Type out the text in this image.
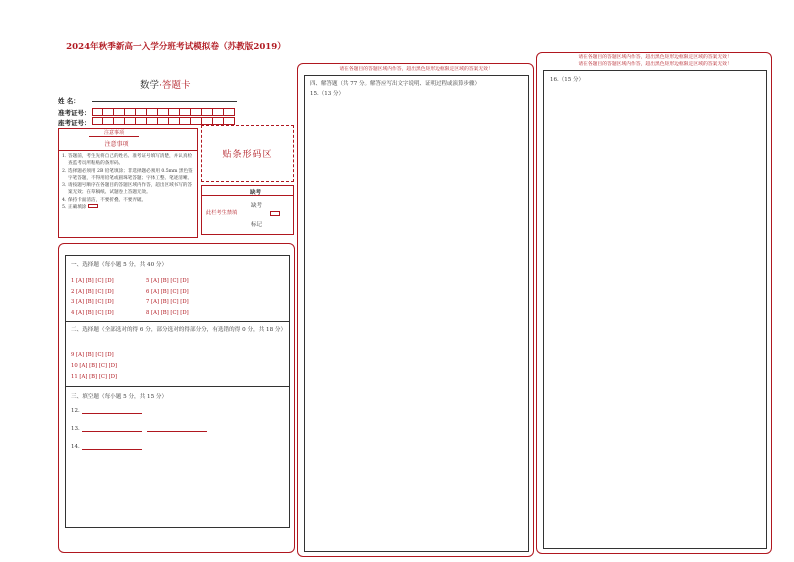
2024年秋季新高一入学分班考试模拟卷（苏教版2019）
数学·答题卡
姓 名：
准考证号：
座考证号：
注意事项
注意事项
1．
答题前，考生先将自己的姓名、准考证号填写清楚，并认真检查监考员所粘贴的条形码。
2．
选择题必须用 2B 铅笔填涂；非选择题必须用 0.5mm 黑色签字笔答题，不得用铅笔或圆珠笔答题；字体工整、笔迹清晰。
3．
请按题号顺序在各题目的答题区域内作答，超出区域书写的答案无效；在草稿纸、试题卷上答题无效。
4．
保持卡面清洁，不要折叠、不要弄破。
5．
正确填涂
贴条形码区
缺考
此栏考生禁填
缺考
标记
一、选择题（每小题 5 分，共 40 分）
1 [A] [B] [C] [D]
2 [A] [B] [C] [D]
3 [A] [B] [C] [D]
4 [A] [B] [C] [D]
5 [A] [B] [C] [D]
6 [A] [B] [C] [D]
7 [A] [B] [C] [D]
8 [A] [B] [C] [D]
二、选择题（全部选对的得 6 分，部分选对的得部分分，有选错的得 0 分，共 18 分）
9 [A] [B] [C] [D]
10 [A] [B] [C] [D]
11 [A] [B] [C] [D]
三、填空题（每小题 5 分，共 15 分）
12.
13.
14.
请在各题目的答题区域内作答，超出黑色矩形边框限定区域的答案无效！
四、解答题（共 77 分。解答应写出文字说明、证明过程或演算步骤）
15.（13 分）
请在各题目的答题区域内作答，超出黑色矩形边框限定区域的答案无效！
请在各题目的答题区域内作答，超出黑色矩形边框限定区域的答案无效！
16.（15 分）
